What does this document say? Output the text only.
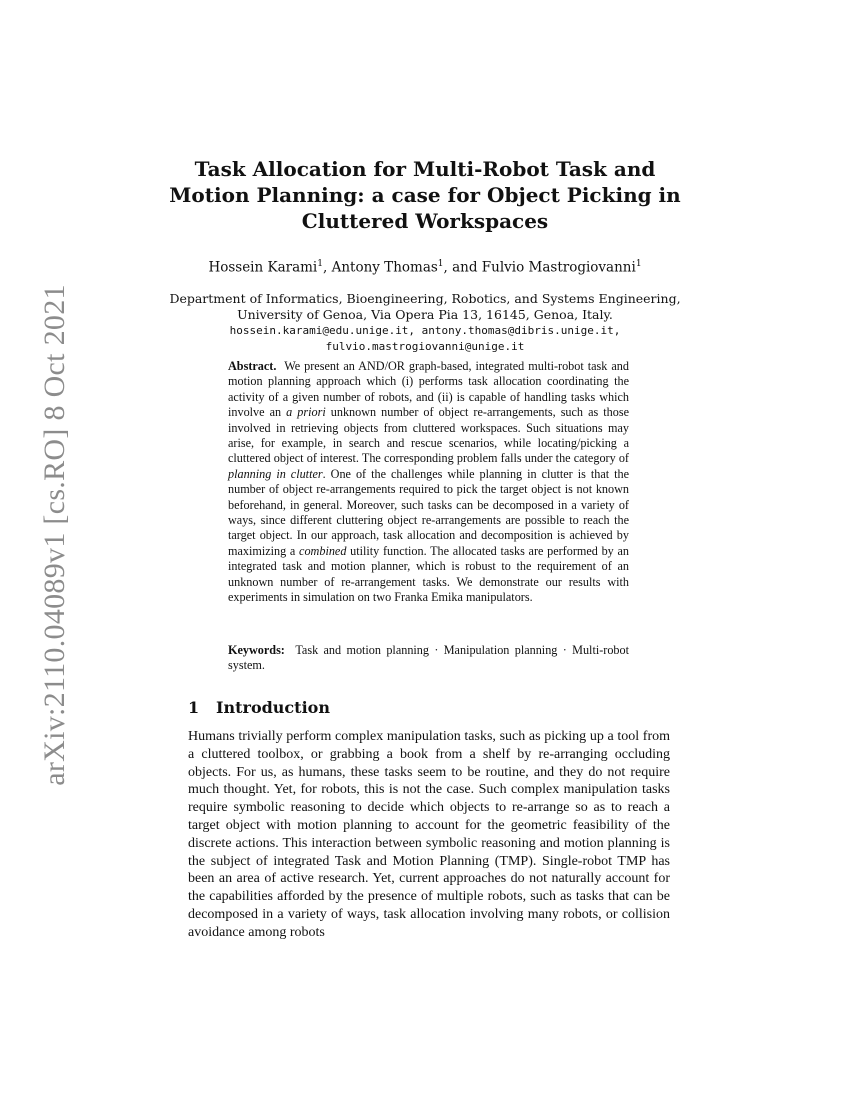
arXiv:2110.04089v1 [cs.RO] 8 Oct 2021
Task Allocation for Multi-Robot Task and
Motion Planning: a case for Object Picking in
Cluttered Workspaces
Hossein Karami$^1$, Antony Thomas$^1$, and Fulvio Mastrogiovanni$^1$
Department of Informatics, Bioengineering, Robotics, and Systems Engineering,
University of Genoa, Via Opera Pia 13, 16145, Genoa, Italy.
hossein.karami@edu.unige.it, antony.thomas@dibris.unige.it,
fulvio.mastrogiovanni@unige.it

Abstract. We present an AND/OR graph-based, integrated multi-robot task and motion planning approach which (i) performs task allocation coordinating the activity of a given number of robots, and (ii) is capable of handling tasks which involve an a priori unknown number of object re-arrangements, such as those involved in retrieving objects from cluttered workspaces. Such situations may arise, for example, in search and rescue scenarios, while locating/picking a cluttered object of interest. The corresponding problem falls under the category of planning in clutter. One of the challenges while planning in clutter is that the number of object re-arrangements required to pick the target object is not known beforehand, in general. Moreover, such tasks can be decomposed in a variety of ways, since different cluttering object re-arrangements are possible to reach the target object. In our approach, task allocation and decomposition is achieved by maximizing a combined utility function. The allocated tasks are performed by an integrated task and motion planner, which is robust to the requirement of an unknown number of re-arrangement tasks. We demonstrate our results with experiments in simulation on two Franka Emika manipulators.

Keywords: Task and motion planning · Manipulation planning · Multi-robot system.

1 Introduction

Humans trivially perform complex manipulation tasks, such as picking up a tool from a cluttered toolbox, or grabbing a book from a shelf by re-arranging occluding objects. For us, as humans, these tasks seem to be routine, and they do not require much thought. Yet, for robots, this is not the case. Such complex manipulation tasks require symbolic reasoning to decide which objects to re-arrange so as to reach a target object with motion planning to account for the geometric feasibility of the discrete actions. This interaction between symbolic reasoning and motion planning is the subject of integrated Task and Motion Planning (TMP). Single-robot TMP has been an area of active research. Yet, current approaches do not naturally account for the capabilities afforded by the presence of multiple robots, such as tasks that can be decomposed in a variety of ways, task allocation involving many robots, or collision avoidance among robots
